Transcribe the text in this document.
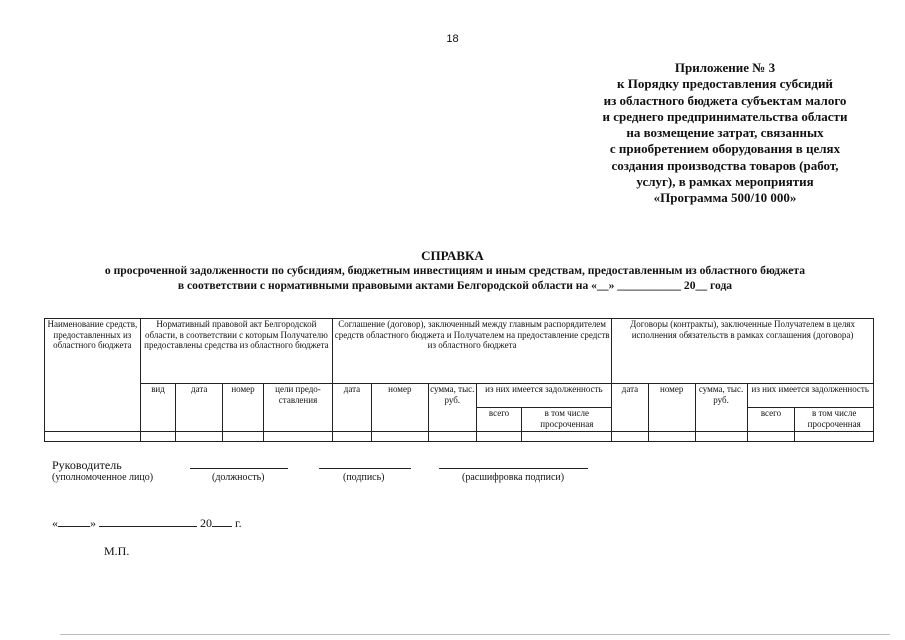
18
Приложение № 3
к Порядку предоставления субсидий
из областного бюджета субъектам малого
и среднего предпринимательства области
на возмещение затрат, связанных
с приобретением оборудования в целях
создания производства товаров (работ,
услуг), в рамках мероприятия
«Программа 500/10 000»
СПРАВКА
о просроченной задолженности по субсидиям, бюджетным инвестициям и иным средствам, предоставленным из областного бюджета
в соответствии с нормативными правовыми актами Белгородской области на «__» ___________ 20__ года
Наименование средств, предоставленных из областного бюджета	Нормативный правовой акт Белгородской области, в соответствии с которым Получателю предоставлены средства из областного бюджета				Соглашение (договор), заключенный между главным распорядителем средств областного бюджета и Получателем на предоставление средств из областного бюджета					Договоры (контракты), заключенные Получателем в целях исполнения обязательств в рамках соглашения (договора)				
	вид	дата	номер	цели предо-ставления	дата	номер	сумма, тыс. руб.	из них имеется задолженность		дата	номер	сумма, тыс. руб.	из них имеется задолженность	
								всего	в том числе просроченная				всего	в том числе просроченная

Руководитель
(уполномоченное лицо)	(должность)	(подпись)	(расшифровка подписи)
«	»	20 г.
М.П.
